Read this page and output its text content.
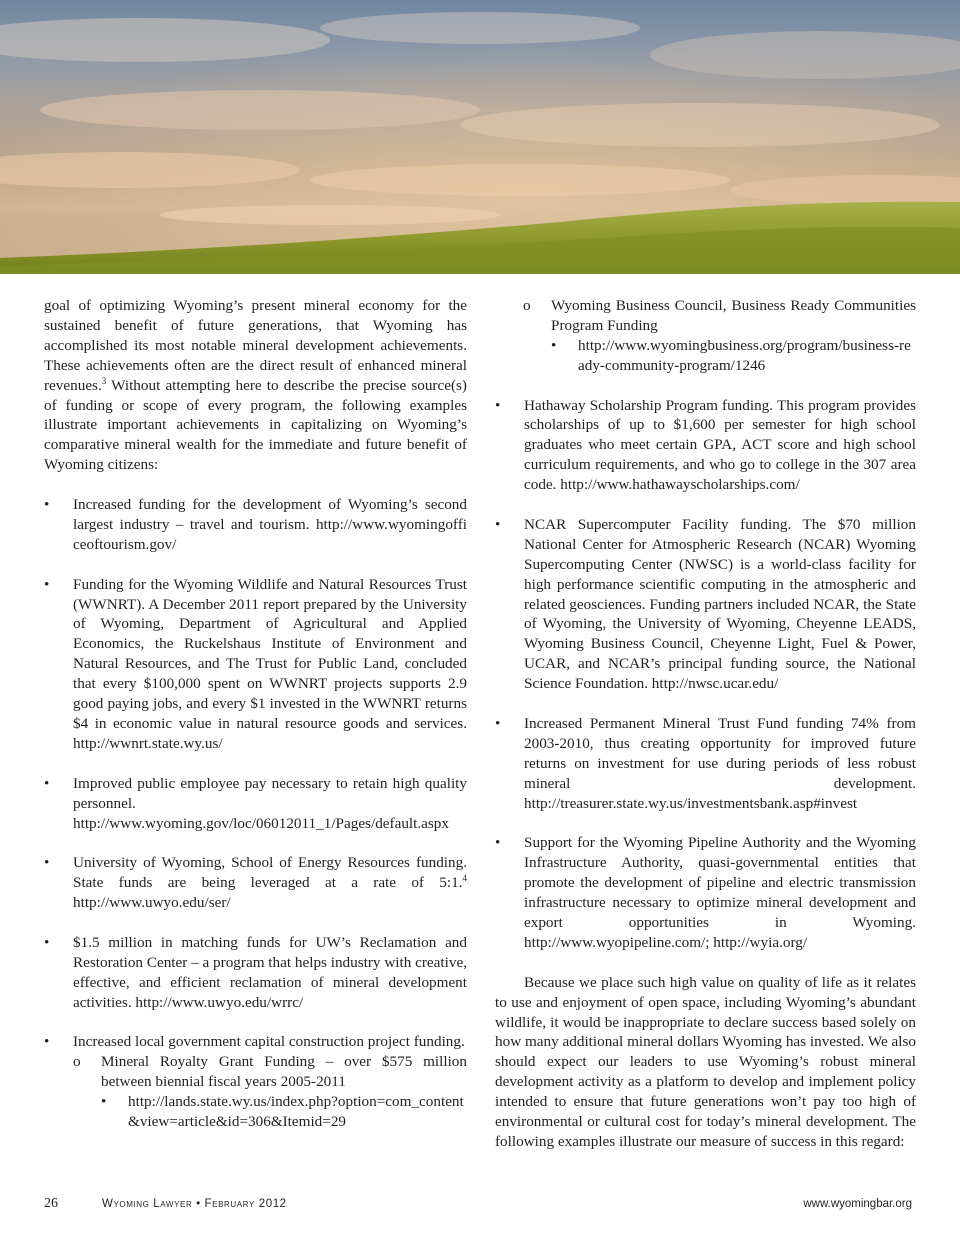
goal of optimizing Wyoming’s present mineral economy for the sustained benefit of future generations, that Wyoming has accomplished its most notable mineral development achievements. These achievements often are the direct result of enhanced mineral revenues.$^3$ Without attempting here to describe the precise source(s) of funding or scope of every program, the following examples illustrate important achievements in capitalizing on Wyoming’s comparative mineral wealth for the immediate and future benefit of Wyoming citizens:

• Increased funding for the development of Wyoming’s second largest industry – travel and tourism. http://www.wyomingoffi ceoftourism.gov/

• Funding for the Wyoming Wildlife and Natural Resources Trust (WWNRT). A December 2011 report prepared by the University of Wyoming, Department of Agricultural and Applied Economics, the Ruckelshaus Institute of Environment and Natural Resources, and The Trust for Public Land, concluded that every $100,000 spent on WWNRT projects supports 2.9 good paying jobs, and every $1 invested in the WWNRT returns $4 in economic value in natural resource goods and services. http://wwnrt.state.wy.us/

• Improved public employee pay necessary to retain high quality personnel. http://www.wyoming.gov/loc/06012011_1/Pages/default.aspx

• University of Wyoming, School of Energy Resources funding. State funds are being leveraged at a rate of 5:1.$^4$ http://www.uwyo.edu/ser/

• $1.5 million in matching funds for UW’s Reclamation and Restoration Center – a program that helps industry with creative, effective, and efficient reclamation of mineral development activities. http://www.uwyo.edu/wrrc/

• Increased local government capital construction project funding.

o Mineral Royalty Grant Funding – over $575 million between biennial fiscal years 2005-2011

• http://lands.state.wy.us/index.php?option=com_content&view=article&id=306&Itemid=29

o Wyoming Business Council, Business Ready Communities Program Funding

• http://www.wyomingbusiness.org/program/business-ready-community-program/1246

• Hathaway Scholarship Program funding. This program provides scholarships of up to $1,600 per semester for high school graduates who meet certain GPA, ACT score and high school curriculum requirements, and who go to college in the 307 area code. http://www.hathawayscholarships.com/

• NCAR Supercomputer Facility funding. The $70 million National Center for Atmospheric Research (NCAR) Wyoming Supercomputing Center (NWSC) is a world-class facility for high performance scientific computing in the atmospheric and related geosciences. Funding partners included NCAR, the State of Wyoming, the University of Wyoming, Cheyenne LEADS, Wyoming Business Council, Cheyenne Light, Fuel & Power, UCAR, and NCAR’s principal funding source, the National Science Foundation. http://nwsc.ucar.edu/

• Increased Permanent Mineral Trust Fund funding 74% from 2003-2010, thus creating opportunity for improved future returns on investment for use during periods of less robust mineral development. http://treasurer.state.wy.us/investmentsbank.asp#invest

• Support for the Wyoming Pipeline Authority and the Wyoming Infrastructure Authority, quasi-governmental entities that promote the development of pipeline and electric transmission infrastructure necessary to optimize mineral development and export opportunities in Wyoming. http://www.wyopipeline.com/; http://wyia.org/

Because we place such high value on quality of life as it relates to use and enjoyment of open space, including Wyoming’s abundant wildlife, it would be inappropriate to declare success based solely on how many additional mineral dollars Wyoming has invested. We also should expect our leaders to use Wyoming’s robust mineral development activity as a platform to develop and implement policy intended to ensure that future generations won’t pay too high of environmental or cultural cost for today’s mineral development. The following examples illustrate our measure of success in this regard:

26	Wyoming Lawyer • February 2012	www.wyomingbar.org
